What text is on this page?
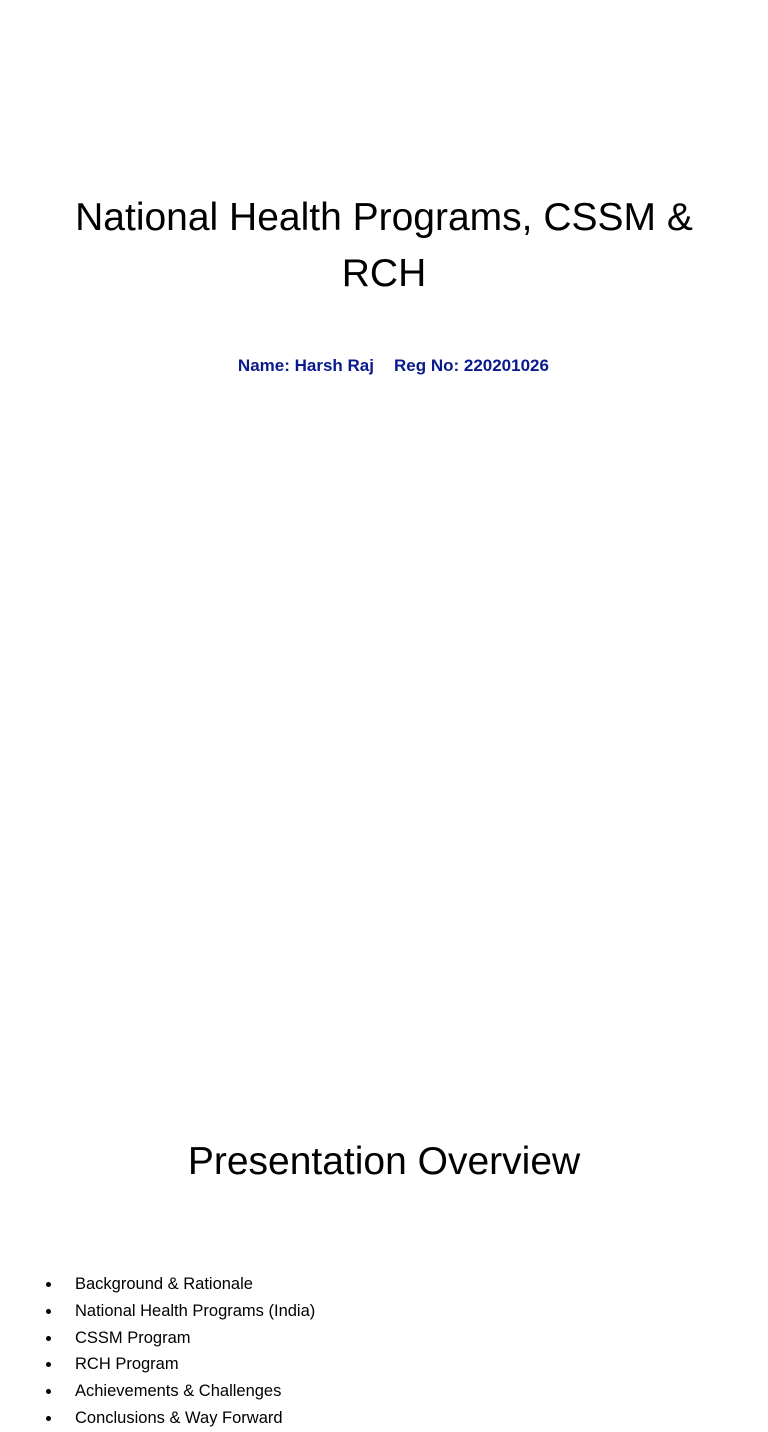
National Health Programs, CSSM & RCH

Name: Harsh Raj Reg No: 220201026

Presentation Overview
Background & Rationale
National Health Programs (India)
CSSM Program
RCH Program
Achievements & Challenges
Conclusions & Way Forward
